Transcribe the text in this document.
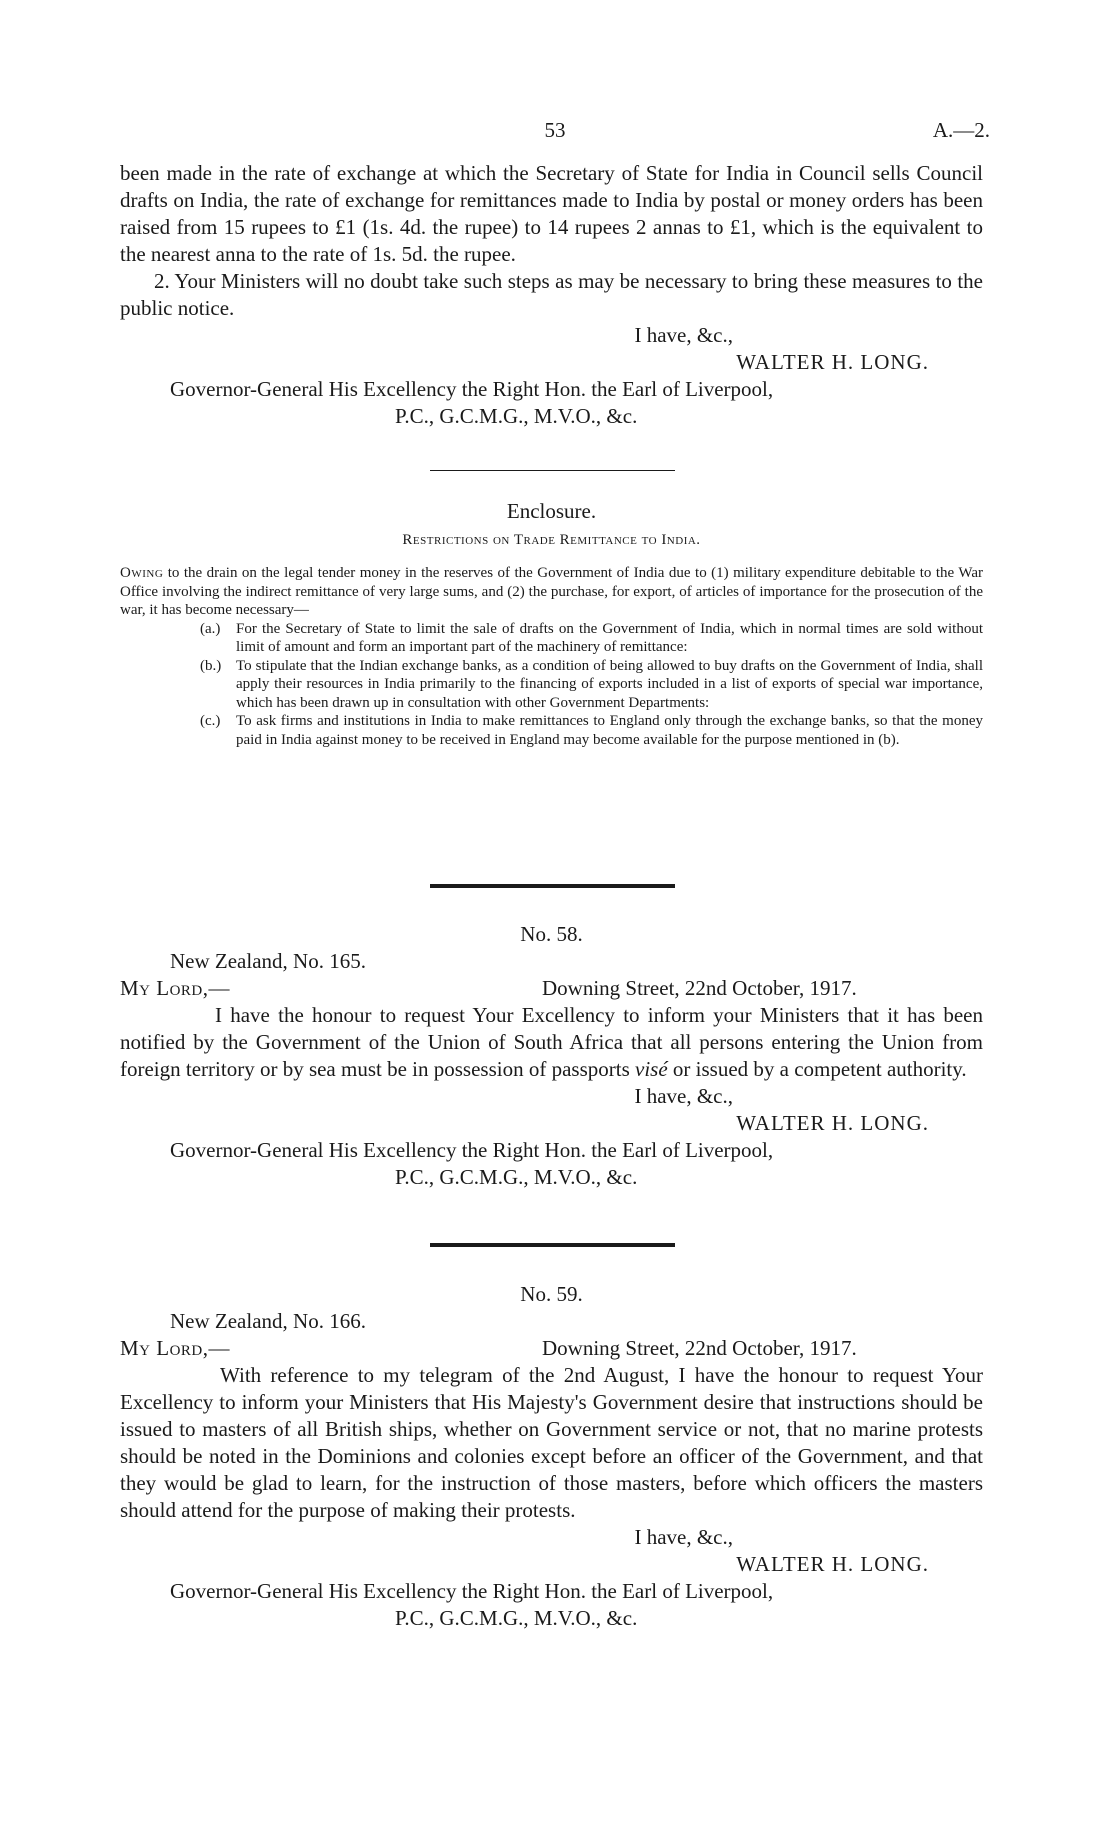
53	A.—2.

been made in the rate of exchange at which the Secretary of State for India in Council sells Council drafts on India, the rate of exchange for remittances made to India by postal or money orders has been raised from 15 rupees to £1 (1s. 4d. the rupee) to 14 rupees 2 annas to £1, which is the equivalent to the nearest anna to the rate of 1s. 5d. the rupee.

2. Your Ministers will no doubt take such steps as may be necessary to bring these measures to the public notice.

I have, &c.,

WALTER H. LONG.

Governor-General His Excellency the Right Hon. the Earl of Liverpool,

P.C., G.C.M.G., M.V.O., &c.

Enclosure.
Restrictions on Trade Remittance to India.

Owing to the drain on the legal tender money in the reserves of the Government of India due to (1) military expenditure debitable to the War Office involving the indirect remittance of very large sums, and (2) the purchase, for export, of articles of importance for the prosecution of the war, it has become necessary—

(a.) For the Secretary of State to limit the sale of drafts on the Government of India, which in normal times are sold without limit of amount and form an important part of the machinery of remittance:
(b.) To stipulate that the Indian exchange banks, as a condition of being allowed to buy drafts on the Government of India, shall apply their resources in India primarily to the financing of exports included in a list of exports of special war importance, which has been drawn up in consultation with other Government Departments:
(c.) To ask firms and institutions in India to make remittances to England only through the exchange banks, so that the money paid in India against money to be received in England may become available for the purpose mentioned in (b).

No. 58.

New Zealand, No. 165.

My Lord,—	Downing Street, 22nd October, 1917.

I have the honour to request Your Excellency to inform your Ministers that it has been notified by the Government of the Union of South Africa that all persons entering the Union from foreign territory or by sea must be in possession of passports visé or issued by a competent authority.

I have, &c.,

WALTER H. LONG.

Governor-General His Excellency the Right Hon. the Earl of Liverpool,

P.C., G.C.M.G., M.V.O., &c.

No. 59.

New Zealand, No. 166.

My Lord,—	Downing Street, 22nd October, 1917.

With reference to my telegram of the 2nd August, I have the honour to request Your Excellency to inform your Ministers that His Majesty's Government desire that instructions should be issued to masters of all British ships, whether on Government service or not, that no marine protests should be noted in the Dominions and colonies except before an officer of the Government, and that they would be glad to learn, for the instruction of those masters, before which officers the masters should attend for the purpose of making their protests.

I have, &c.,

WALTER H. LONG.

Governor-General His Excellency the Right Hon. the Earl of Liverpool,

P.C., G.C.M.G., M.V.O., &c.
